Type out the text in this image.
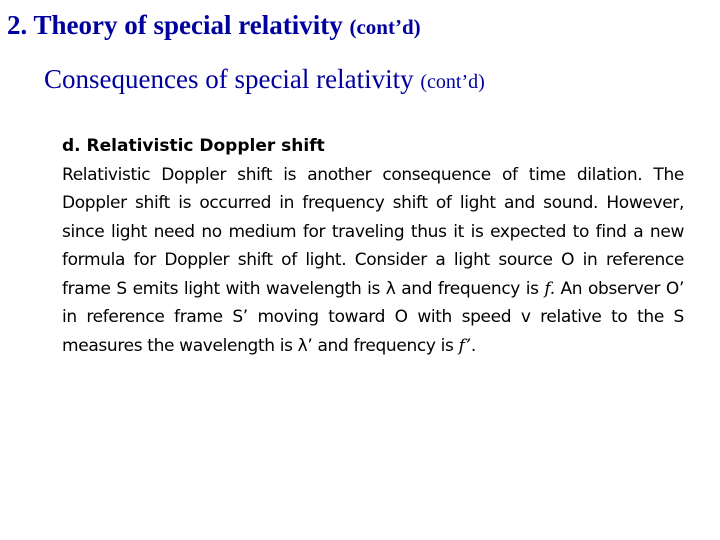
2. Theory of special relativity (cont’d)
Consequences of special relativity (cont’d)

d. Relativistic Doppler shift

Relativistic Doppler shift is another consequence of time dilation. The Doppler shift is occurred in frequency shift of light and sound. However, since light need no medium for traveling thus it is expected to find a new formula for Doppler shift of light. Consider a light source O in reference frame S emits light with wavelength is λ and frequency is f. An observer O’ in reference frame S’ moving toward O with speed v relative to the S measures the wavelength is λ’ and frequency is f’.
